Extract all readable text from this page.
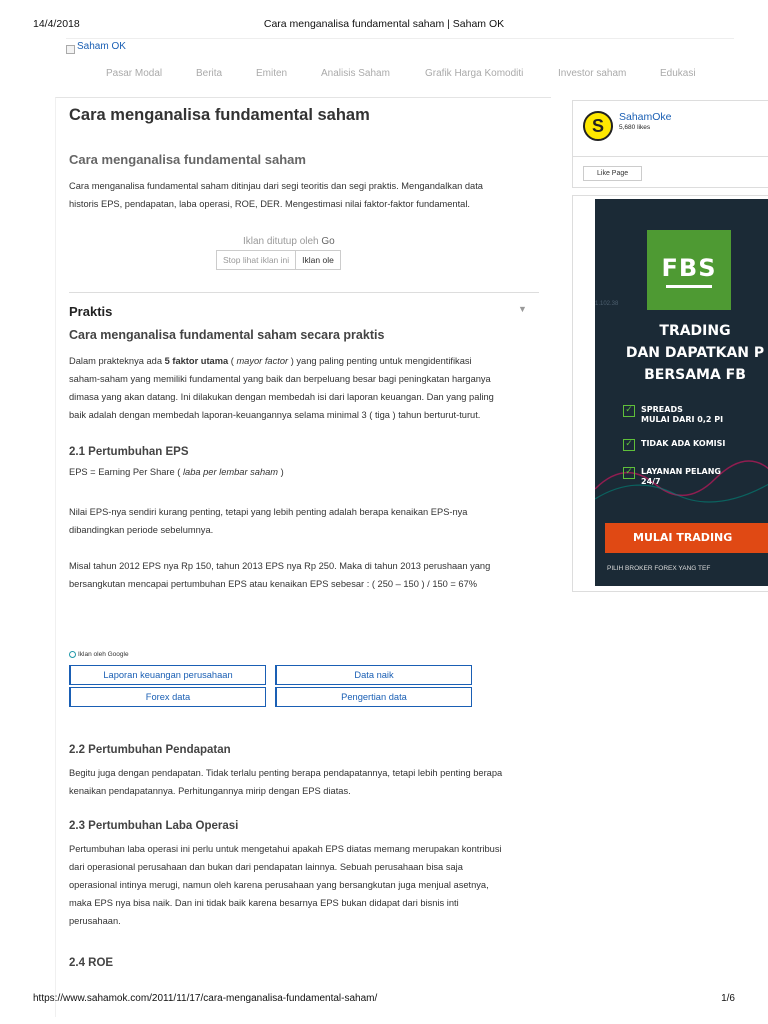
14/4/2018	Cara menganalisa fundamental saham | Saham OK
Saham OK
Pasar Modal	Berita	Emiten	Analisis Saham	Grafik Harga Komoditi	Investor saham	Edukasi
Cara menganalisa fundamental saham
Cara menganalisa fundamental saham

Cara menganalisa fundamental saham ditinjau dari segi teoritis dan segi praktis. Mengandalkan data
historis EPS, pendapatan, laba operasi, ROE, DER. Mengestimasi nilai faktor-faktor fundamental.

Iklan ditutup oleh Go
Stop lihat iklan ini	Iklan ole
Praktis	▼
Cara menganalisa fundamental saham secara praktis

Dalam prakteknya ada 5 faktor utama ( mayor factor ) yang paling penting untuk mengidentifikasi
saham-saham yang memiliki fundamental yang baik dan berpeluang besar bagi peningkatan harganya
dimasa yang akan datang. Ini dilakukan dengan membedah isi dari laporan keuangan. Dan yang paling
baik adalah dengan membedah laporan-keuangannya selama minimal 3 ( tiga ) tahun berturut-turut.

2.1 Pertumbuhan EPS

EPS = Earning Per Share ( laba per lembar saham )

Nilai EPS-nya sendiri kurang penting, tetapi yang lebih penting adalah berapa kenaikan EPS-nya
dibandingkan periode sebelumnya.

Misal tahun 2012 EPS nya Rp 150, tahun 2013 EPS nya Rp 250. Maka di tahun 2013 perushaan yang
bersangkutan mencapai pertumbuhan EPS atau kenaikan EPS sebesar : ( 250 – 150 ) / 150 = 67%

Iklan oleh Google
Laporan keuangan perusahaan	Data naik
Forex data	Pengertian data
2.2 Pertumbuhan Pendapatan

Begitu juga dengan pendapatan. Tidak terlalu penting berapa pendapatannya, tetapi lebih penting berapa
kenaikan pendapatannya. Perhitungannya mirip dengan EPS diatas.

2.3 Pertumbuhan Laba Operasi

Pertumbuhan laba operasi ini perlu untuk mengetahui apakah EPS diatas memang merupakan kontribusi
dari operasional perusahaan dan bukan dari pendapatan lainnya. Sebuah perusahaan bisa saja
operasional intinya merugi, namun oleh karena perusahaan yang bersangkutan juga menjual asetnya,
maka EPS nya bisa naik. Dan ini tidak baik karena besarnya EPS bukan didapat dari bisnis inti
perusahaan.

2.4 ROE
S	SahamOke
5,680 likes
Like Page
FBS
1.102.38
TRADING
DAN DAPATKAN P
BERSAMA FB
✓ SPREADS
MULAI DARI 0,2 PI
✓ TIDAK ADA KOMISI
✓ LAYANAN PELANG
24/7
MULAI TRADING
PILIH BROKER FOREX YANG TEF
https://www.sahamok.com/2011/11/17/cara-menganalisa-fundamental-saham/	1/6
